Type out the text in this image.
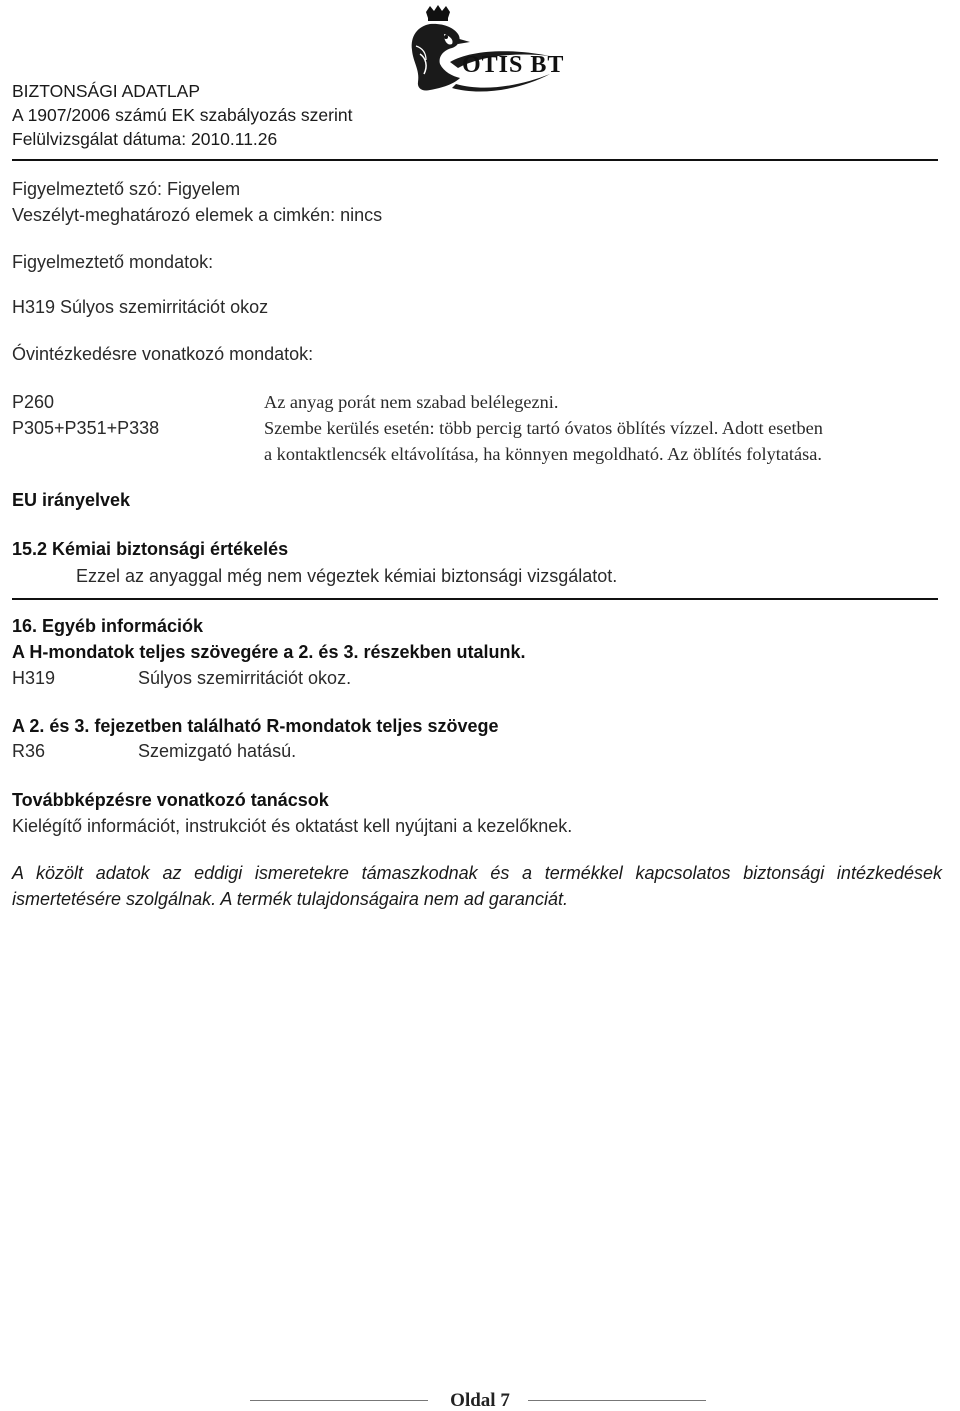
BIZTONSÁGI ADATLAP
A 1907/2006 számú EK szabályozás szerint
Felülvizsgálat dátuma: 2010.11.26
OTIS BT
Figyelmeztető szó: Figyelem
Veszélyt-meghatározó elemek a cimkén: nincs
Figyelmeztető mondatok:
H319 Súlyos szemirritációt okoz
Óvintézkedésre vonatkozó mondatok:
P260	Az anyag porát nem szabad belélegezni.
P305+P351+P338	Szembe kerülés esetén: több percig tartó óvatos öblítés vízzel. Adott esetben
a kontaktlencsék eltávolítása, ha könnyen megoldható. Az öblítés folytatása.
EU irányelvek
15.2 Kémiai biztonsági értékelés
Ezzel az anyaggal még nem végeztek kémiai biztonsági vizsgálatot.
16. Egyéb információk
A H-mondatok teljes szövegére a 2. és 3. részekben utalunk.
H319	Súlyos szemirritációt okoz.
A 2. és 3. fejezetben található R-mondatok teljes szövege
R36	Szemizgató hatású.
Továbbképzésre vonatkozó tanácsok
Kielégítő információt, instrukciót és oktatást kell nyújtani a kezelőknek.
A közölt adatok az eddigi ismeretekre támaszkodnak és a termékkel kapcsolatos biztonsági intézkedések
ismertetésére szolgálnak. A termék tulajdonságaira nem ad garanciát.
Oldal 7
